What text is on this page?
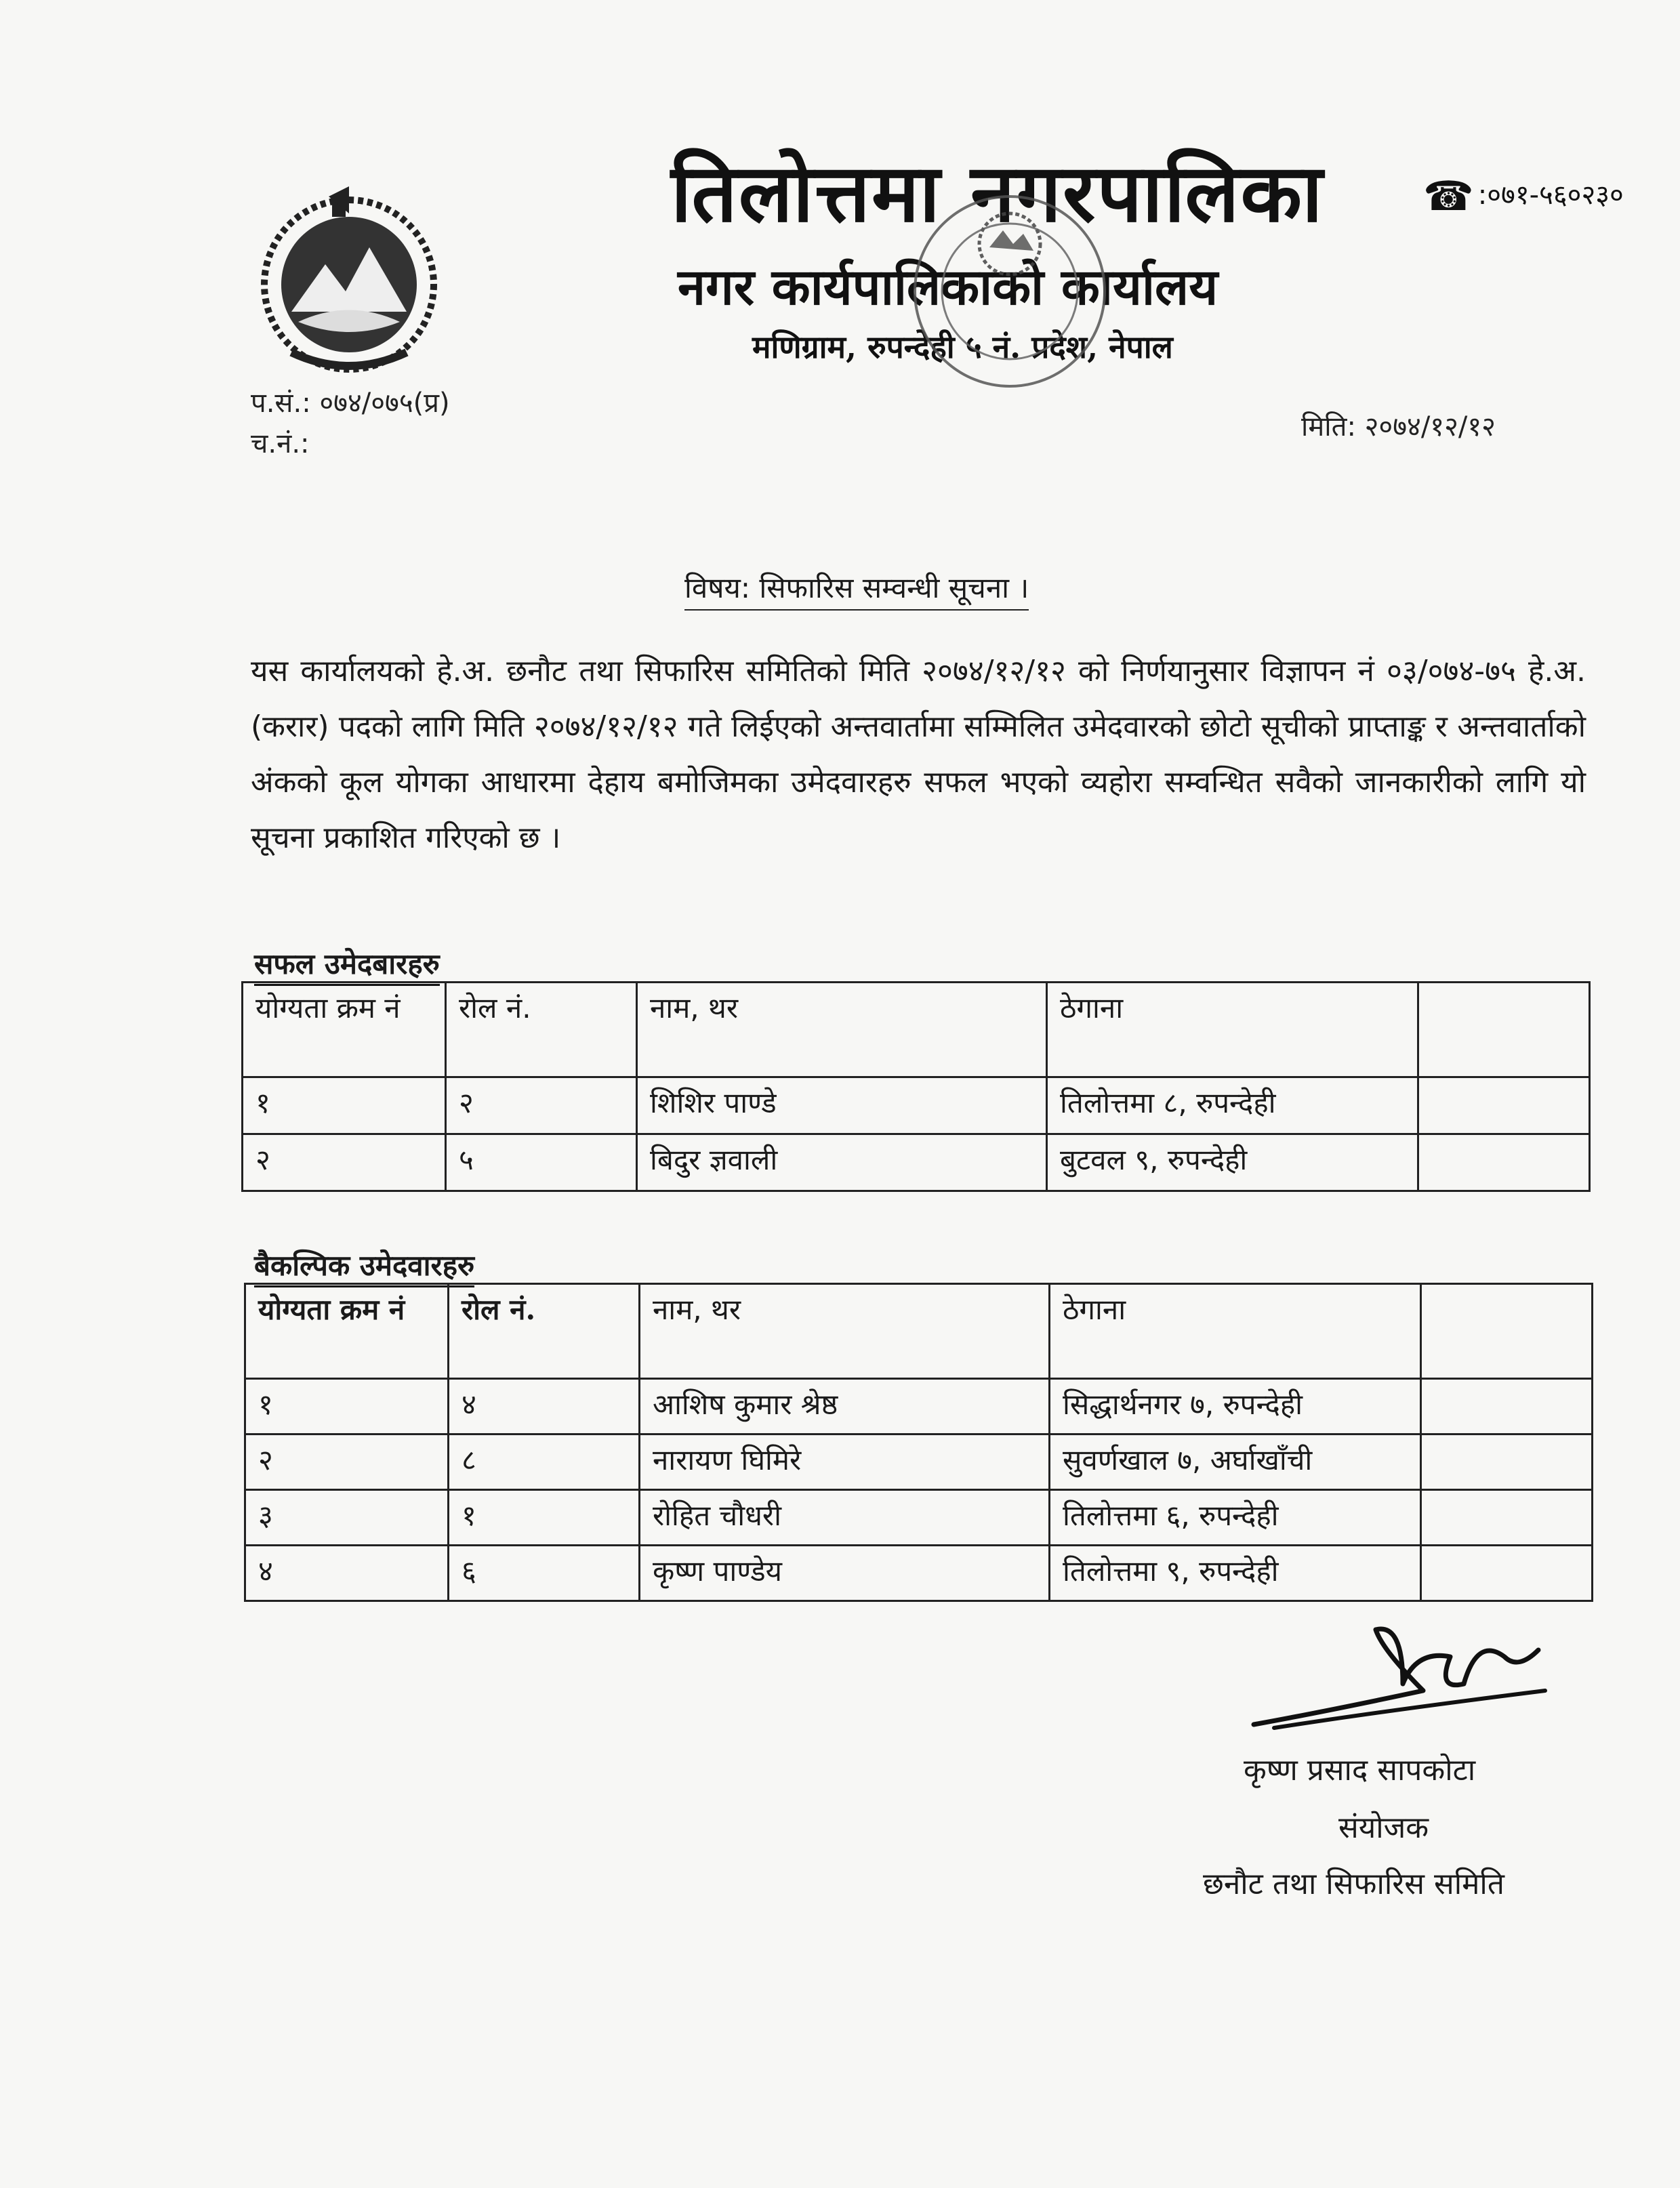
तिलोत्तमा नगरपालिका
नगर कार्यपालिकाको कार्यालय
मणिग्राम, रुपन्देही ५ नं. प्रदेश, नेपाल
☎ :०७१-५६०२३०
प.सं.: ०७४/०७५(प्र)
च.नं.:
मिति: २०७४/१२/१२
विषय: सिफारिस सम्वन्धी सूचना ।

यस कार्यालयको हे.अ. छनौट तथा सिफारिस समितिको मिति २०७४/१२/१२ को निर्णयानुसार विज्ञापन नं ०३/०७४-७५ हे.अ. (करार) पदको लागि मिति २०७४/१२/१२ गते लिईएको अन्तवार्तामा सम्मिलित उमेदवारको छोटो सूचीको प्राप्ताङ्क र अन्तवार्ताको अंकको कूल योगका आधारमा देहाय बमोजिमका उमेदवारहरु सफल भएको व्यहोरा सम्वन्धित सवैको जानकारीको लागि यो सूचना प्रकाशित गरिएको छ ।

सफल उमेदबारहरु
योग्यता क्रम नं	रोल नं.	नाम, थर	ठेगाना	
१	२	शिशिर पाण्डे	तिलोत्तमा ८, रुपन्देही	
२	५	बिदुर ज्ञवाली	बुटवल ९, रुपन्देही	
बैकल्पिक उमेदवारहरु
योग्यता क्रम नं	रोल नं.	नाम, थर	ठेगाना	
१	४	आशिष कुमार श्रेष्ठ	सिद्धार्थनगर ७, रुपन्देही	
२	८	नारायण घिमिरे	सुवर्णखाल ७, अर्घाखाँची	
३	१	रोहित चौधरी	तिलोत्तमा ६, रुपन्देही	
४	६	कृष्ण पाण्डेय	तिलोत्तमा ९, रुपन्देही	
कृष्ण प्रसाद सापकोटा
संयोजक
छनौट तथा सिफारिस समिति
